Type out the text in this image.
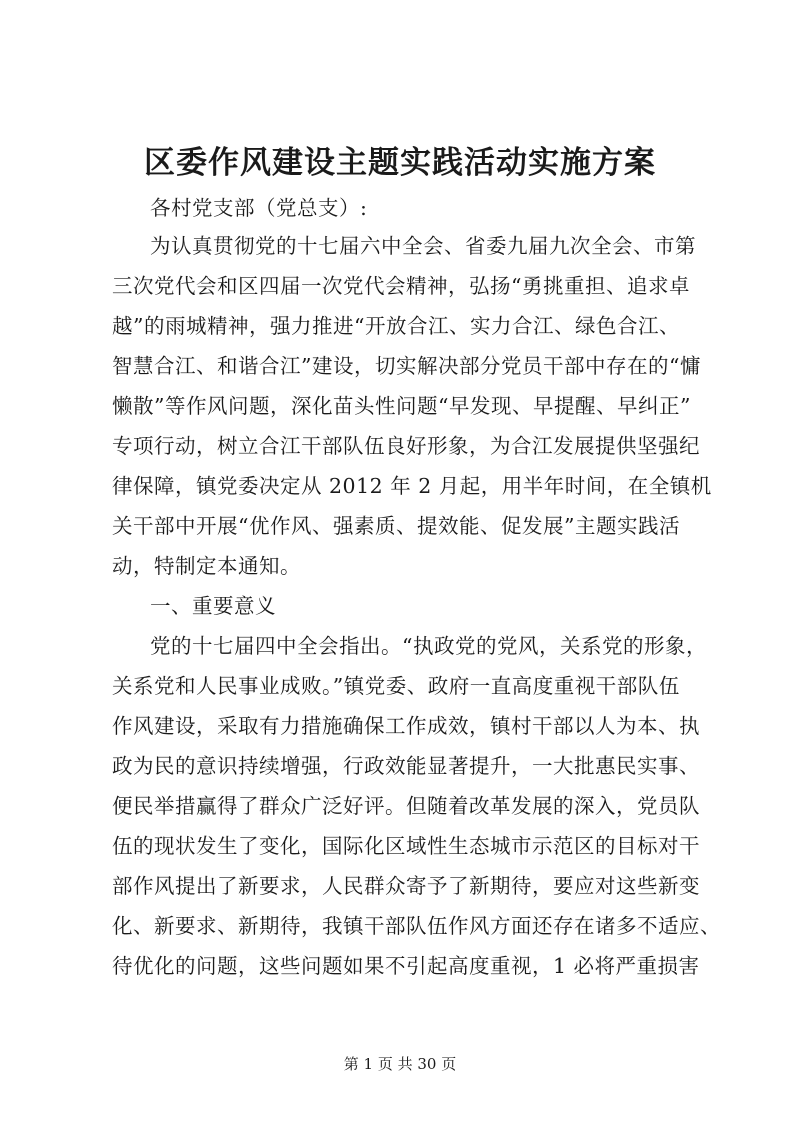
区委作风建设主题实践活动实施方案
各村党支部（党总支）:
为认真贯彻党的十七届六中全会、省委九届九次全会、市第
三次党代会和区四届一次党代会精神，弘扬“勇挑重担、追求卓
越”的雨城精神，强力推进“开放合江、实力合江、绿色合江、
智慧合江、和谐合江”建设，切实解决部分党员干部中存在的“慵
懒散”等作风问题，深化苗头性问题“早发现、早提醒、早纠正”
专项行动，树立合江干部队伍良好形象，为合江发展提供坚强纪
律保障，镇党委决定从 2012 年 2 月起，用半年时间，在全镇机
关干部中开展“优作风、强素质、提效能、促发展”主题实践活
动，特制定本通知。
一、重要意义
党的十七届四中全会指出。“执政党的党风，关系党的形象，
关系党和人民事业成败。”镇党委、政府一直高度重视干部队伍
作风建设，采取有力措施确保工作成效，镇村干部以人为本、执
政为民的意识持续增强，行政效能显著提升，一大批惠民实事、
便民举措赢得了群众广泛好评。但随着改革发展的深入，党员队
伍的现状发生了变化，国际化区域性生态城市示范区的目标对干
部作风提出了新要求，人民群众寄予了新期待，要应对这些新变
化、新要求、新期待，我镇干部队伍作风方面还存在诸多不适应、
待优化的问题，这些问题如果不引起高度重视，1 必将严重损害
第 1 页 共 30 页
